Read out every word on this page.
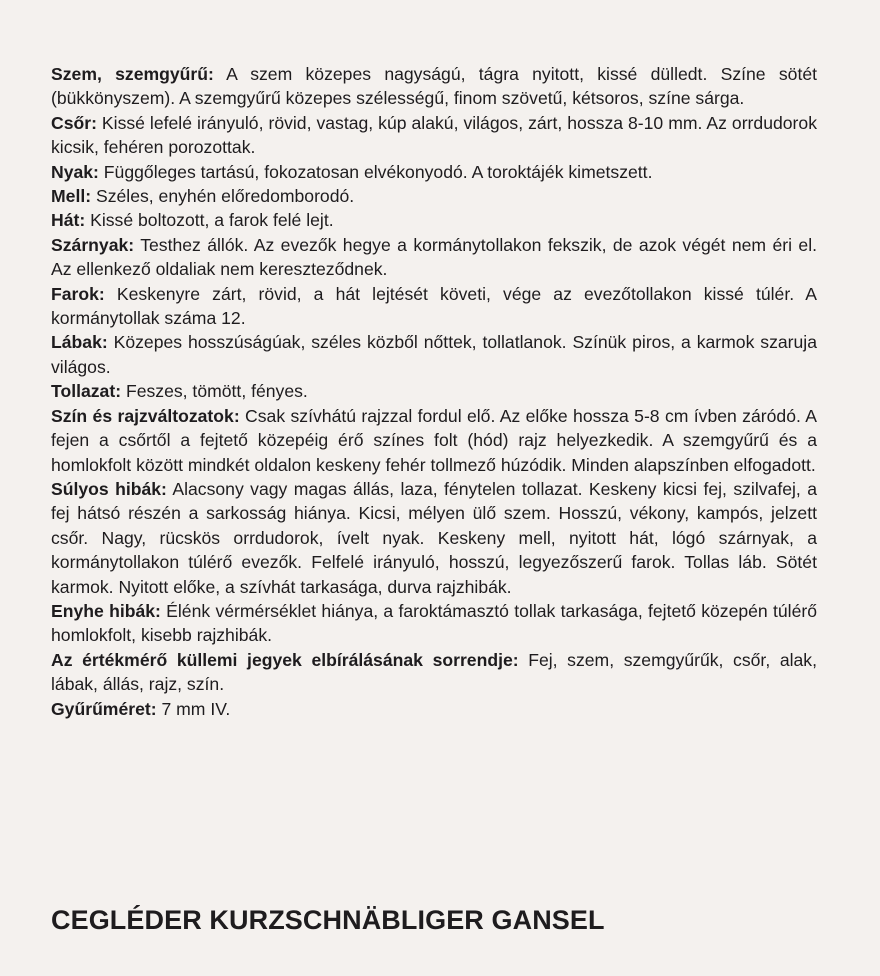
Szem, szemgyűrű: A szem közepes nagyságú, tágra nyitott, kissé dülledt. Színe sötét (bükkönyszem). A szemgyűrű közepes szélességű, finom szövetű, kétsoros, színe sárga.

Csőr: Kissé lefelé irányuló, rövid, vastag, kúp alakú, világos, zárt, hossza 8-10 mm. Az orrdudorok kicsik, fehéren porozottak.

Nyak: Függőleges tartású, fokozatosan elvékonyodó. A toroktájék kimetszett.

Mell: Széles, enyhén előredomborodó.

Hát: Kissé boltozott, a farok felé lejt.

Szárnyak: Testhez állók. Az evezők hegye a kormánytollakon fekszik, de azok végét nem éri el. Az ellenkező oldaliak nem kereszteződnek.

Farok: Keskenyre zárt, rövid, a hát lejtését követi, vége az evezőtollakon kissé túlér. A kormánytollak száma 12.

Lábak: Közepes hosszúságúak, széles közből nőttek, tollatlanok. Színük piros, a karmok szaruja világos.

Tollazat: Feszes, tömött, fényes.

Szín és rajzváltozatok: Csak szívhátú rajzzal fordul elő. Az előke hossza 5-8 cm ívben záródó. A fejen a csőrtől a fejtető közepéig érő színes folt (hód) rajz helyezkedik. A szemgyűrű és a homlokfolt között mindkét oldalon keskeny fehér tollmező húzódik. Minden alapszínben elfogadott.

Súlyos hibák: Alacsony vagy magas állás, laza, fénytelen tollazat. Keskeny kicsi fej, szilvafej, a fej hátsó részén a sarkosság hiánya. Kicsi, mélyen ülő szem. Hosszú, vékony, kampós, jelzett csőr. Nagy, rücskös orrdudorok, ívelt nyak. Keskeny mell, nyitott hát, lógó szárnyak, a kormánytollakon túlérő evezők. Felfelé irányuló, hosszú, legyezőszerű farok. Tollas láb. Sötét karmok. Nyitott előke, a szívhát tarkasága, durva rajzhibák.

Enyhe hibák: Élénk vérmérséklet hiánya, a faroktámasztó tollak tarkasága, fejtető közepén túlérő homlokfolt, kisebb rajzhibák.

Az értékmérő küllemi jegyek elbírálásának sorrendje: Fej, szem, szemgyűrűk, csőr, alak, lábak, állás, rajz, szín.

Gyűrűméret: 7 mm IV.

CEGLÉDER KURZSCHNÄBLIGER GANSEL
